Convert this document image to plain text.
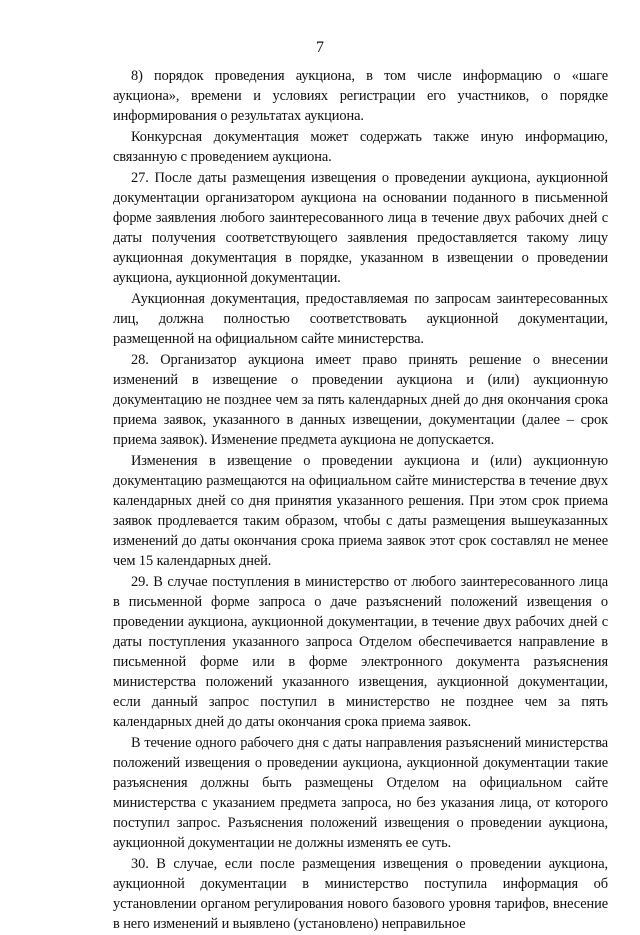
7

8) порядок проведения аукциона, в том числе информацию о «шаге аукциона», времени и условиях регистрации его участников, о порядке информирования о результатах аукциона.

Конкурсная документация может содержать также иную информацию, связанную с проведением аукциона.

27. После даты размещения извещения о проведении аукциона, аукционной документации организатором аукциона на основании поданного в письменной форме заявления любого заинтересованного лица в течение двух рабочих дней с даты получения соответствующего заявления предоставляется такому лицу аукционная документация в порядке, указанном в извещении о проведении аукциона, аукционной документации.

Аукционная документация, предоставляемая по запросам заинтересованных лиц, должна полностью соответствовать аукционной документации, размещенной на официальном сайте министерства.

28. Организатор аукциона имеет право принять решение о внесении изменений в извещение о проведении аукциона и (или) аукционную документацию не позднее чем за пять календарных дней до дня окончания срока приема заявок, указанного в данных извещении, документации (далее – срок приема заявок). Изменение предмета аукциона не допускается.

Изменения в извещение о проведении аукциона и (или) аукционную документацию размещаются на официальном сайте министерства в течение двух календарных дней со дня принятия указанного решения. При этом срок приема заявок продлевается таким образом, чтобы с даты размещения вышеуказанных изменений до даты окончания срока приема заявок этот срок составлял не менее чем 15 календарных дней.

29. В случае поступления в министерство от любого заинтересованного лица в письменной форме запроса о даче разъяснений положений извещения о проведении аукциона, аукционной документации, в течение двух рабочих дней с даты поступления указанного запроса Отделом обеспечивается направление в письменной форме или в форме электронного документа разъяснения министерства положений указанного извещения, аукционной документации, если данный запрос поступил в министерство не позднее чем за пять календарных дней до даты окончания срока приема заявок.

В течение одного рабочего дня с даты направления разъяснений министерства положений извещения о проведении аукциона, аукционной документации такие разъяснения должны быть размещены Отделом на официальном сайте министерства с указанием предмета запроса, но без указания лица, от которого поступил запрос. Разъяснения положений извещения о проведении аукциона, аукционной документации не должны изменять ее суть.

30. В случае, если после размещения извещения о проведении аукциона, аукционной документации в министерство поступила информация об установлении органом регулирования нового базового уровня тарифов, внесение в него изменений и выявлено (установлено) неправильное
